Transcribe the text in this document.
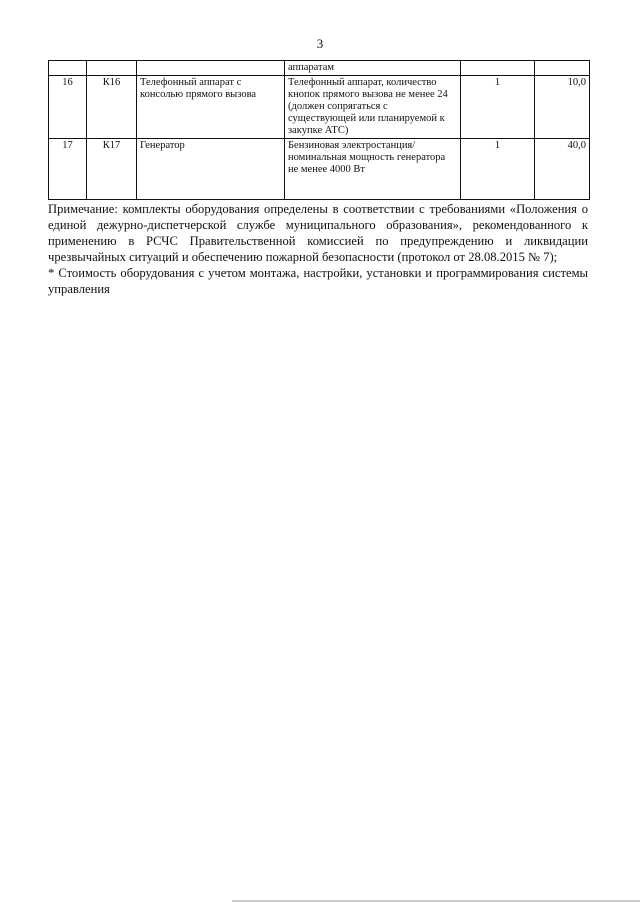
3
			аппаратам		
16	К16	Телефонный аппарат с консолью прямого вызова	Телефонный аппарат, количество кнопок прямого вызова не менее 24 (должен сопрягаться с существующей или планируемой к закупке АТС)	1	10,0
17	К17	Генератор	Бензиновая электростанция/номинальная мощность генератора не менее 4000 Вт	1	40,0

Примечание: комплекты оборудования определены в соответствии с требованиями «Положения о единой дежурно-диспетчерской службе муниципального образования», рекомендованного к применению в РСЧС Правительственной комиссией по предупреждению и ликвидации чрезвычайных ситуаций и обеспечению пожарной безопасности (протокол от 28.08.2015 № 7);

* Стоимость оборудования с учетом монтажа, настройки, установки и программирования системы управления
